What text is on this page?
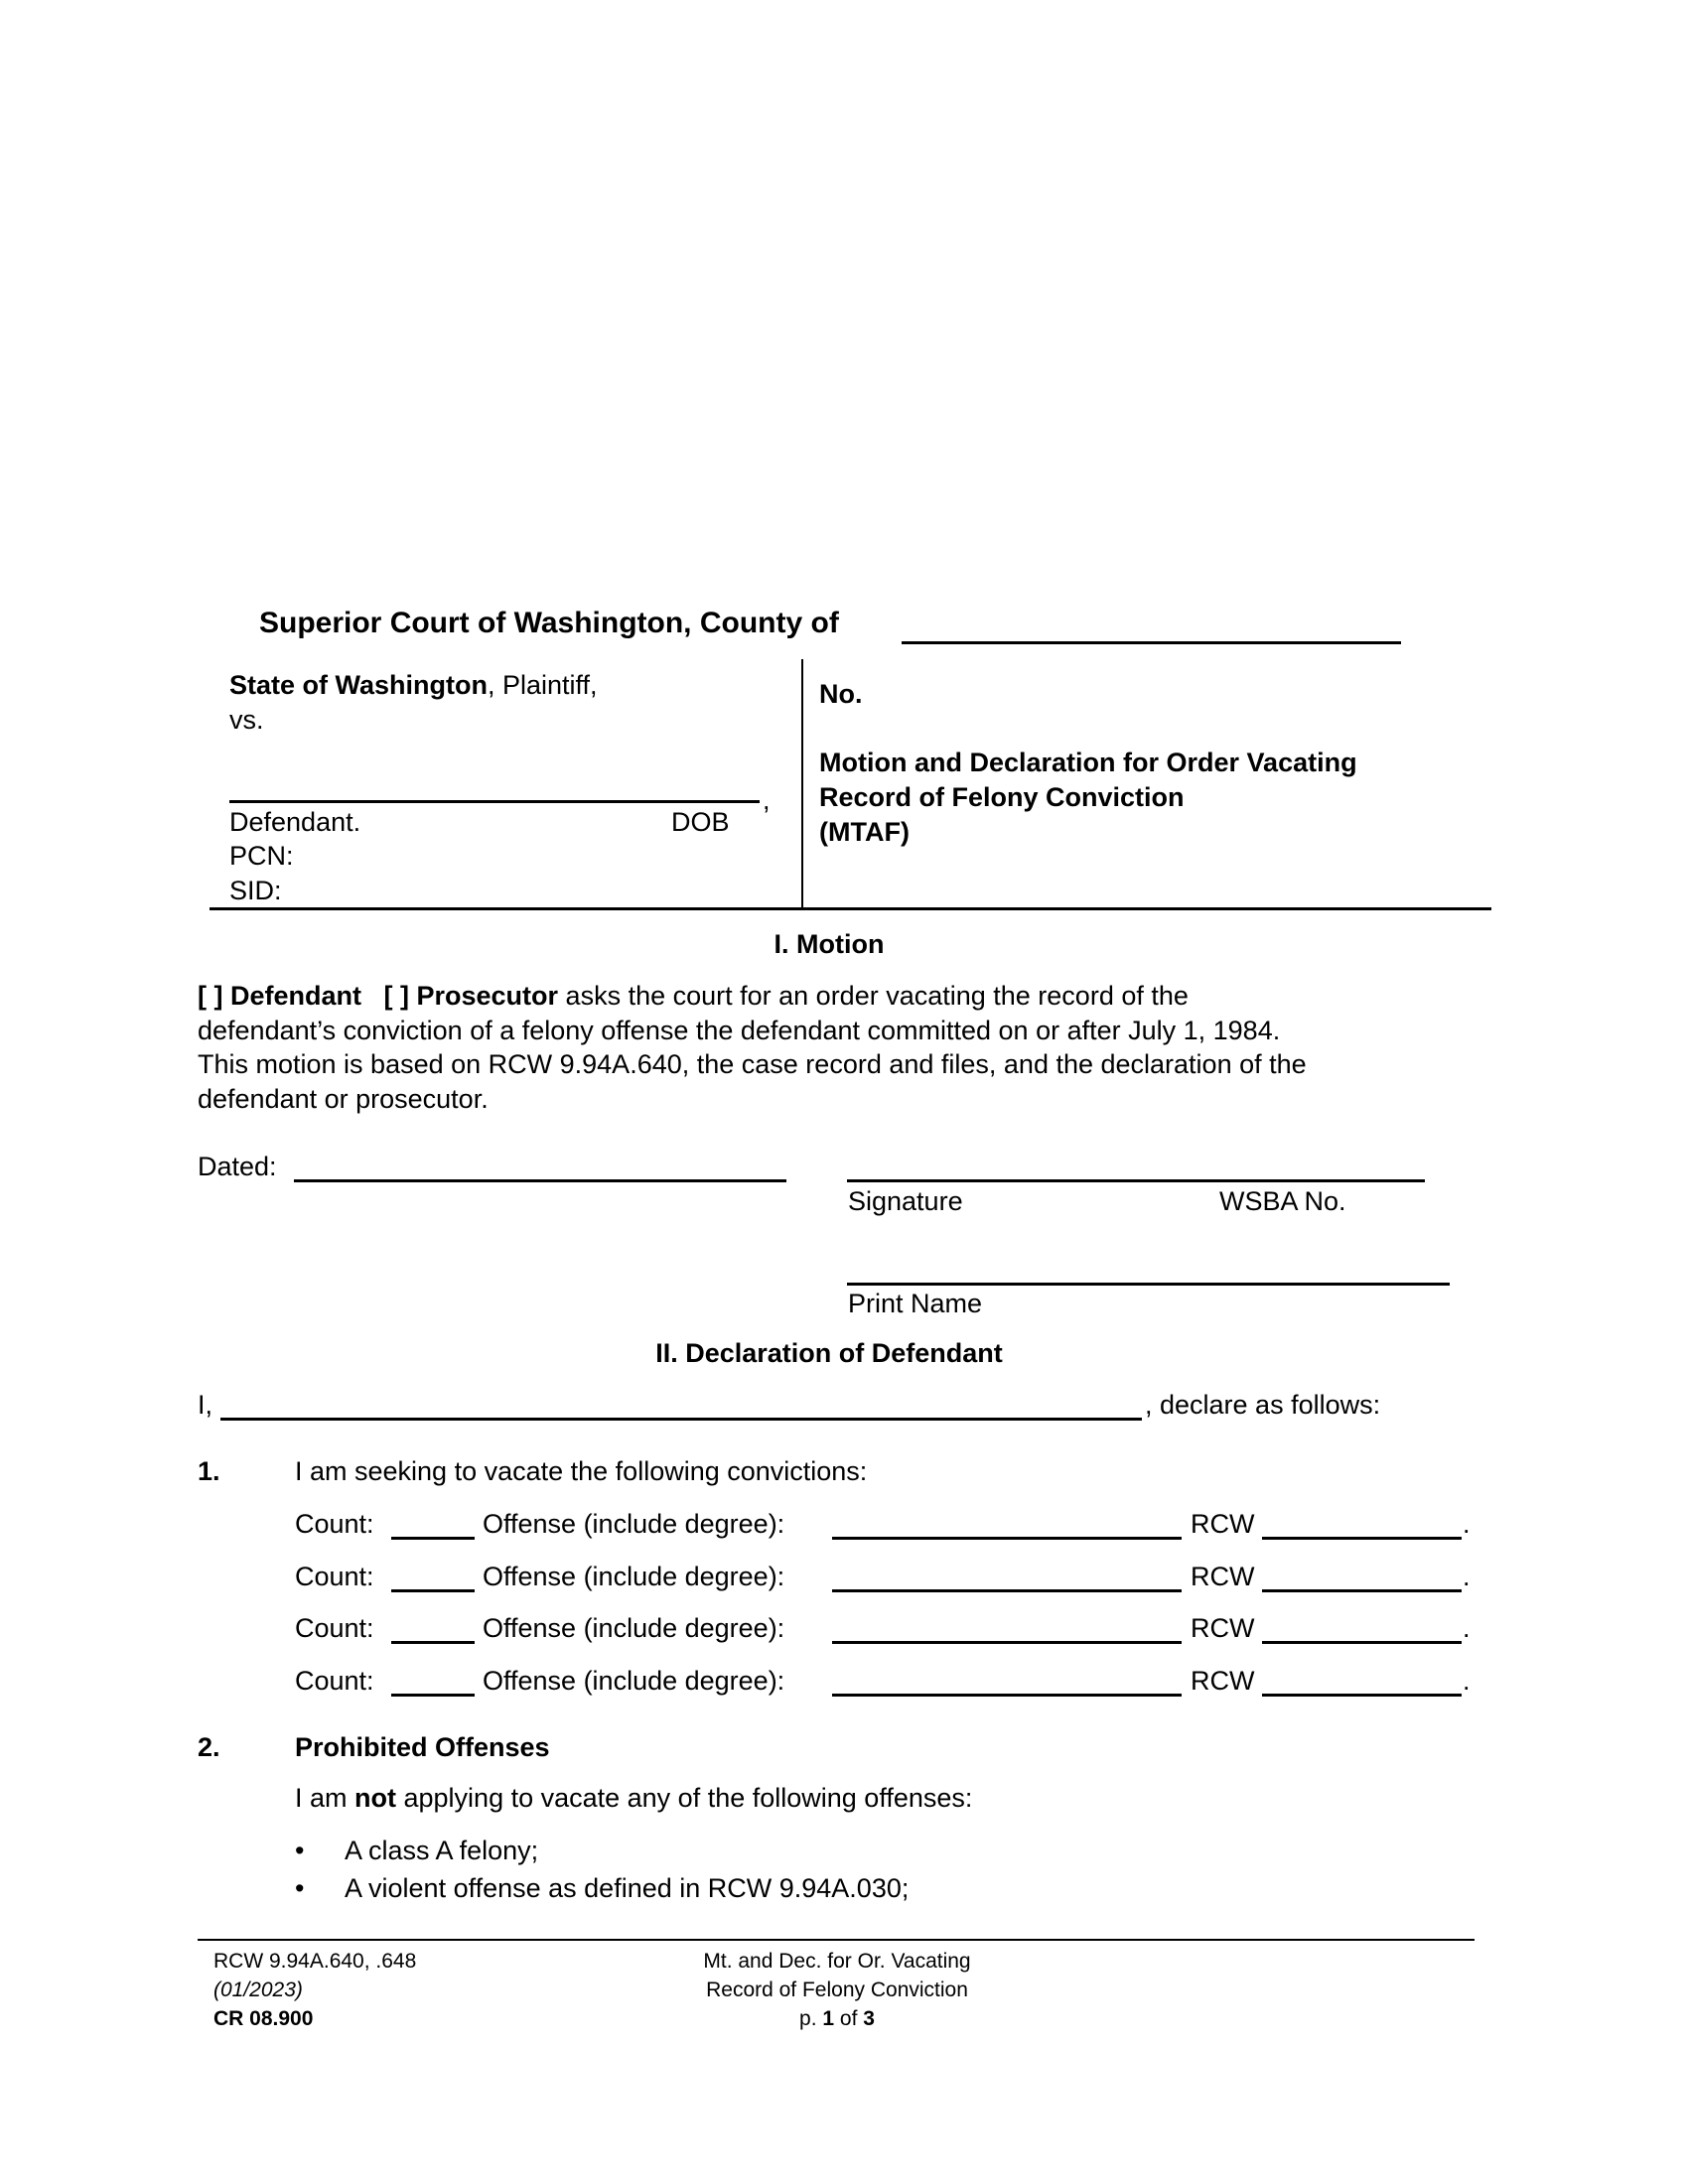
Superior Court of Washington, County of
State of Washington, Plaintiff,
vs.
,
Defendant.	DOB
PCN:
SID:
No.
Motion and Declaration for Order Vacating
Record of Felony Conviction
(MTAF)
I. Motion
[ ] Defendant [ ] Prosecutor asks the court for an order vacating the record of the
defendant’s conviction of a felony offense the defendant committed on or after July 1, 1984.
This motion is based on RCW 9.94A.640, the case record and files, and the declaration of the
defendant or prosecutor.
Dated:
Signature	WSBA No.
Print Name
II. Declaration of Defendant
I,	, declare as follows:
1.	I am seeking to vacate the following convictions:
Count:	Offense (include degree):	RCW	.
Count:	Offense (include degree):	RCW	.
Count:	Offense (include degree):	RCW	.
Count:	Offense (include degree):	RCW	.
2.	Prohibited Offenses
I am not applying to vacate any of the following offenses:
• A class A felony;
• A violent offense as defined in RCW 9.94A.030;
RCW 9.94A.640, .648
(01/2023)
CR 08.900
Mt. and Dec. for Or. Vacating
Record of Felony Conviction
p. 1 of 3
